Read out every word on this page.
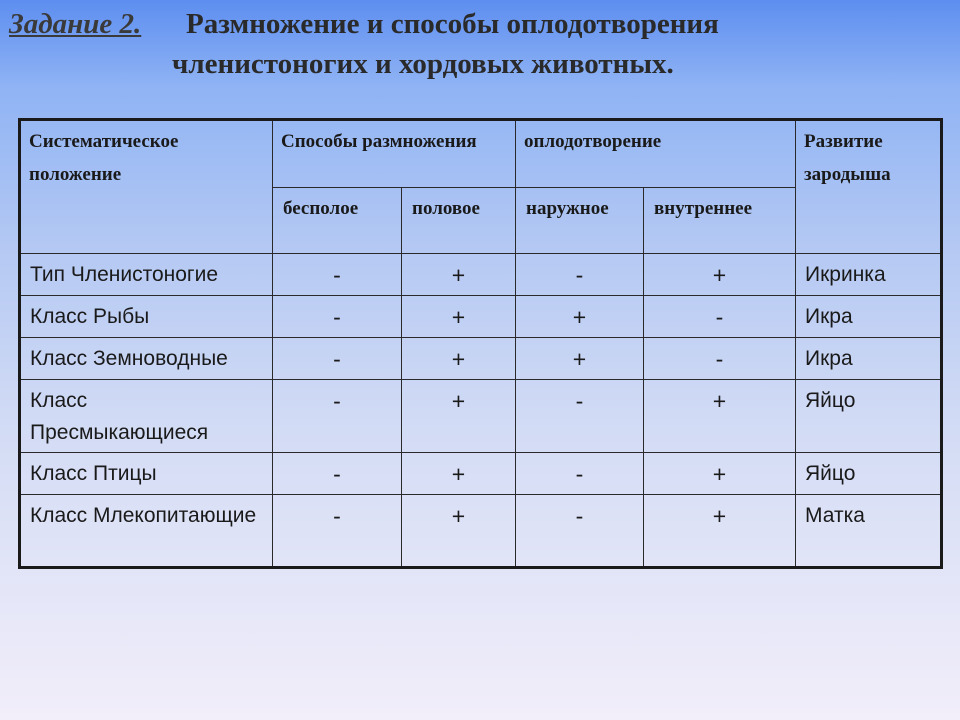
Задание 2. Размножение и способы оплодотворения
членистоногих и хордовых животных.
Систематическое положение	Способы размножения		оплодотворение		Развитие зародыша

	бесполое	половое	наружное	внутреннее	

Тип Членистоногие	-	+	-	+	Икринка

Класс Рыбы	-	+	+	-	Икра

Класс Земноводные	-	+	+	-	Икра

Класс Пресмыкающиеся	-	+	-	+	Яйцо

Класс Птицы	-	+	-	+	Яйцо

Класс Млекопитающие	-	+	-	+	Матка
